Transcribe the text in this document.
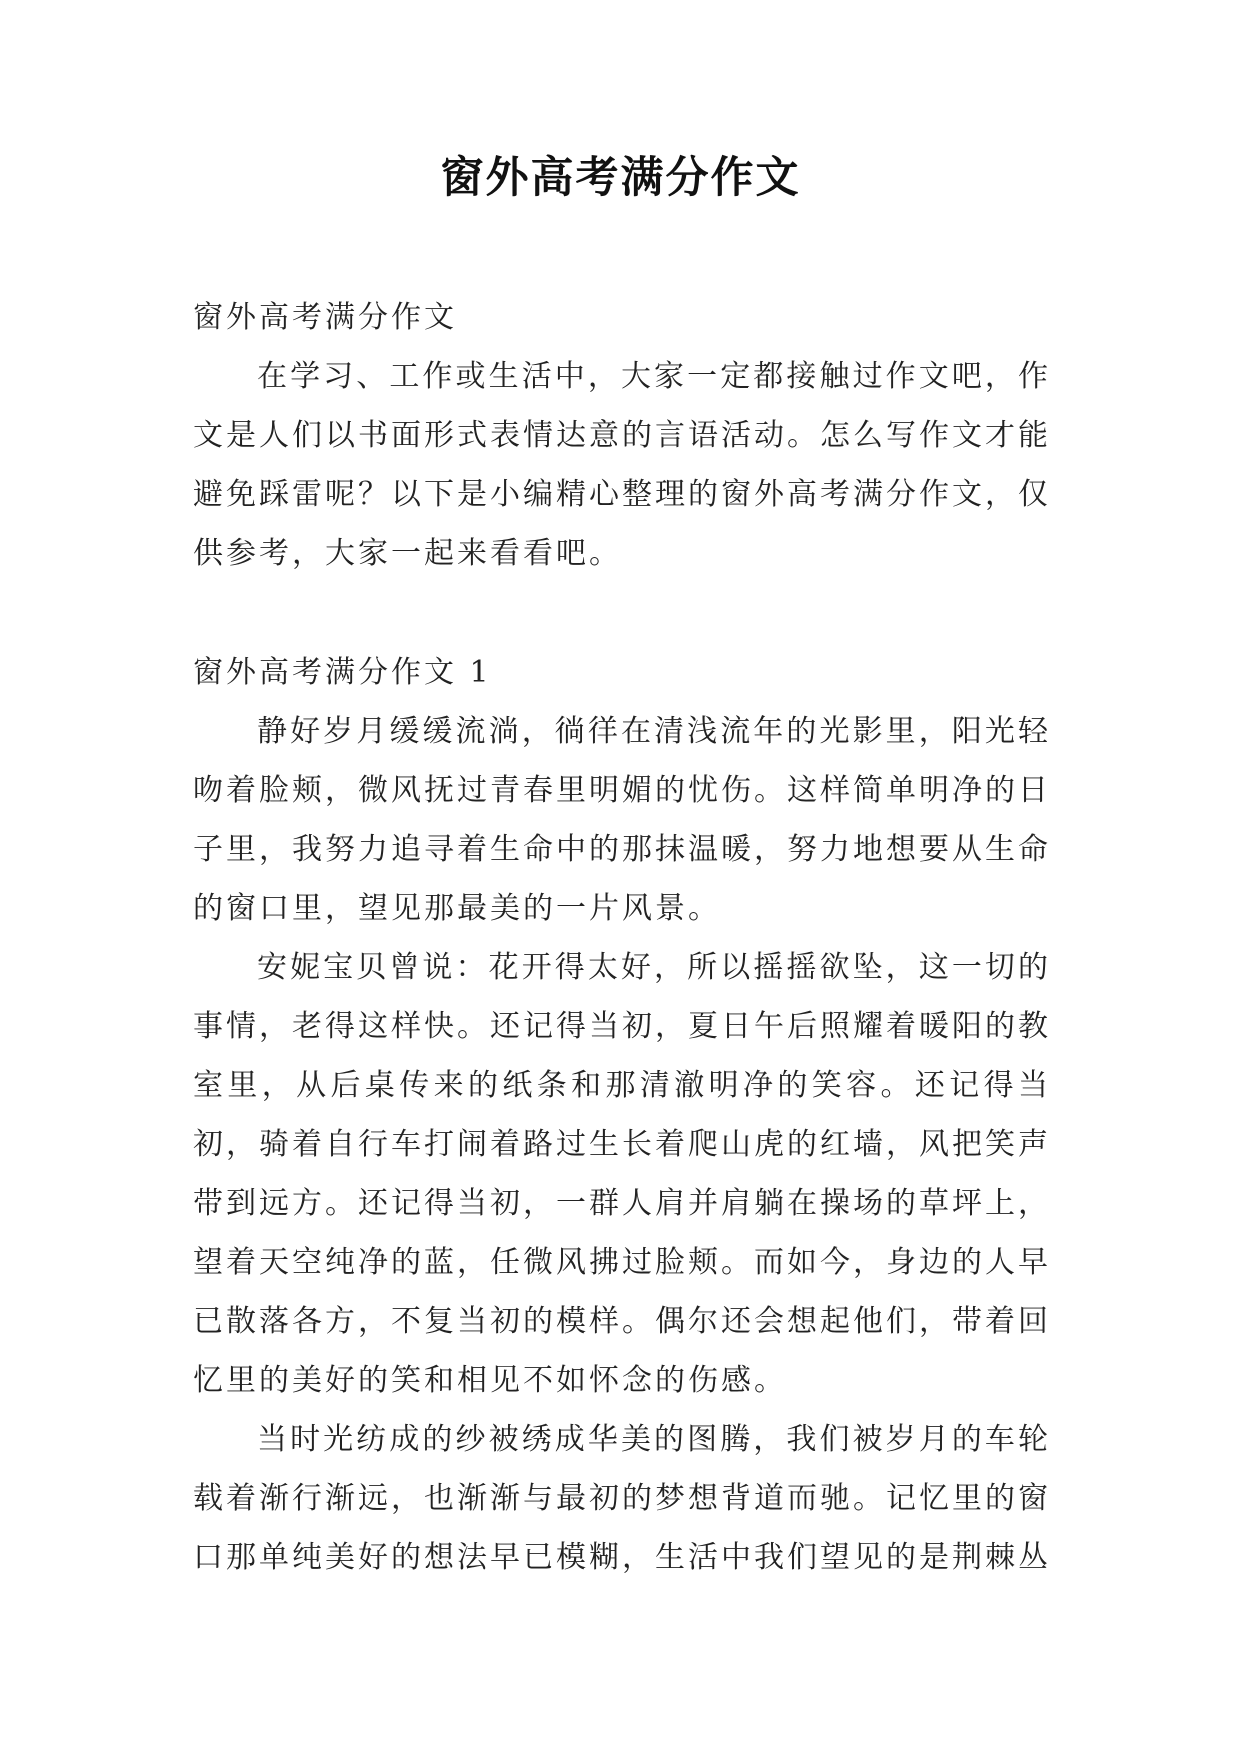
窗外高考满分作文

窗外高考满分作文

在学习、工作或生活中，大家一定都接触过作文吧，作文是人们以书面形式表情达意的言语活动。怎么写作文才能避免踩雷呢？以下是小编精心整理的窗外高考满分作文，仅供参考，大家一起来看看吧。

窗外高考满分作文 1

静好岁月缓缓流淌，徜徉在清浅流年的光影里，阳光轻吻着脸颊，微风抚过青春里明媚的忧伤。这样简单明净的日子里，我努力追寻着生命中的那抹温暖，努力地想要从生命的窗口里，望见那最美的一片风景。

安妮宝贝曾说：花开得太好，所以摇摇欲坠，这一切的事情，老得这样快。还记得当初，夏日午后照耀着暖阳的教室里，从后桌传来的纸条和那清澈明净的笑容。还记得当初，骑着自行车打闹着路过生长着爬山虎的红墙，风把笑声带到远方。还记得当初，一群人肩并肩躺在操场的草坪上，望着天空纯净的蓝，任微风拂过脸颊。而如今，身边的人早已散落各方，不复当初的模样。偶尔还会想起他们，带着回忆里的美好的笑和相见不如怀念的伤感。

当时光纺成的纱被绣成华美的图腾，我们被岁月的车轮载着渐行渐远，也渐渐与最初的梦想背道而驰。记忆里的窗口那单纯美好的想法早已模糊，生活中我们望见的是荆棘丛
